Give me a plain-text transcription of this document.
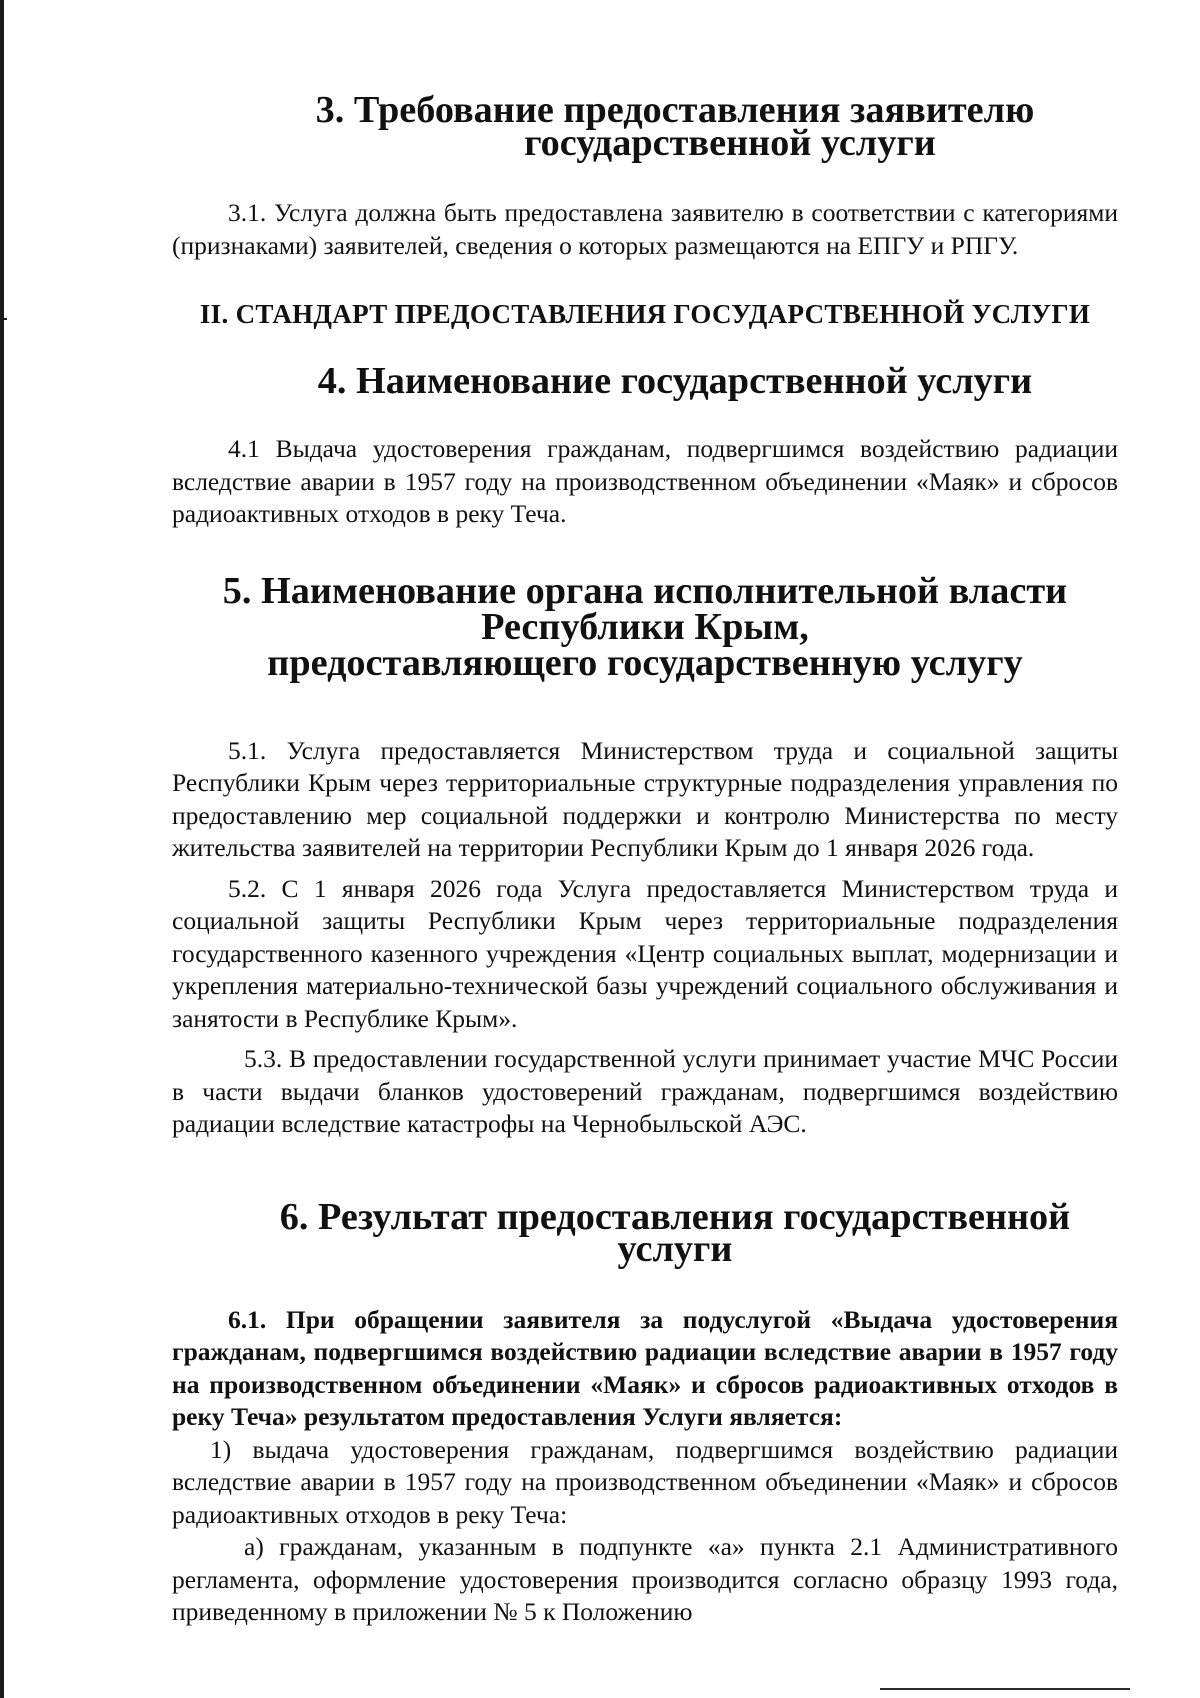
3. Требование предоставления заявителю

государственной услуги

3.1. Услуга должна быть предоставлена заявителю в соответствии с категориями (признаками) заявителей, сведения о которых размещаются на ЕПГУ и РПГУ.

II. СТАНДАРТ ПРЕДОСТАВЛЕНИЯ ГОСУДАРСТВЕННОЙ УСЛУГИ
4. Наименование государственной услуги

4.1 Выдача удостоверения гражданам, подвергшимся воздействию радиации вследствие аварии в 1957 году на производственном объединении «Маяк» и сбросов радиоактивных отходов в реку Теча.

5. Наименование органа исполнительной власти Республики Крым,
предоставляющего государственную услугу

5.1. Услуга предоставляется Министерством труда и социальной защиты Республики Крым через территориальные структурные подразделения управления по предоставлению мер социальной поддержки и контролю Министерства по месту жительства заявителей на территории Республики Крым до 1 января 2026 года.

5.2. С 1 января 2026 года Услуга предоставляется Министерством труда и социальной защиты Республики Крым через территориальные подразделения государственного казенного учреждения «Центр социальных выплат, модернизации и укрепления материально-технической базы учреждений социального обслуживания и занятости в Республике Крым».

5.3. В предоставлении государственной услуги принимает участие МЧС России в части выдачи бланков удостоверений гражданам, подвергшимся воздействию радиации вследствие катастрофы на Чернобыльской АЭС.

6. Результат предоставления государственной услуги

6.1. При обращении заявителя за подуслугой «Выдача удостоверения гражданам, подвергшимся воздействию радиации вследствие аварии в 1957 году на производственном объединении «Маяк» и сбросов радиоактивных отходов в реку Теча» результатом предоставления Услуги является:

1) выдача удостоверения гражданам, подвергшимся воздействию радиации вследствие аварии в 1957 году на производственном объединении «Маяк» и сбросов радиоактивных отходов в реку Теча:

а) гражданам, указанным в подпункте «а» пункта 2.1 Административного регламента, оформление удостоверения производится согласно образцу 1993 года, приведенному в приложении № 5 к Положению
